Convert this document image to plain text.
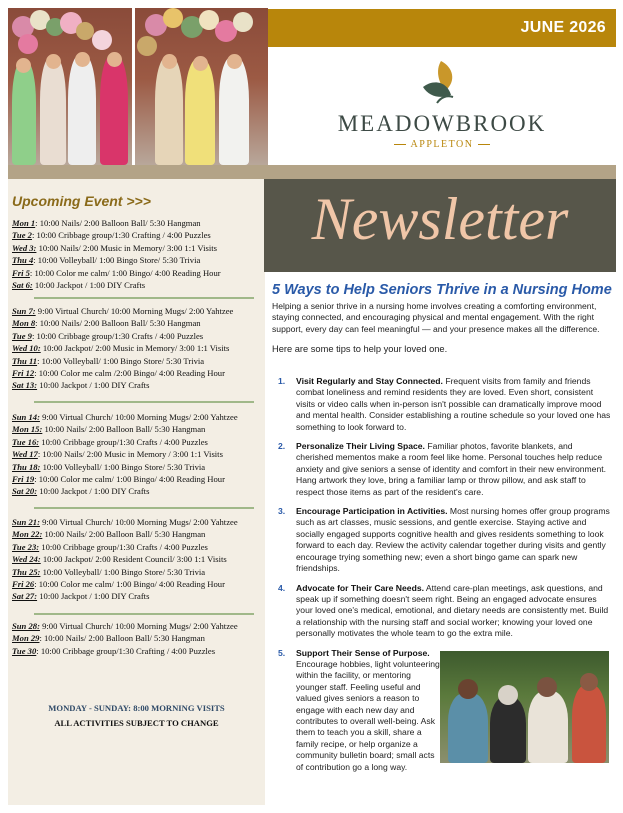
JUNE 2026
MEADOWBROOK
APPLETON
Upcoming Event >>>
Mon 1: 10:00 Nails/ 2:00 Balloon Ball/ 5:30 Hangman
Tue 2: 10:00 Cribbage group/1:30 Crafting / 4:00 Puzzles
Wed 3: 10:00 Nails/ 2:00 Music in Memory/ 3:00 1:1 Visits
Thu 4: 10:00 Volleyball/ 1:00 Bingo Store/ 5:30 Trivia
Fri 5: 10:00 Color me calm/ 1:00 Bingo/ 4:00 Reading Hour
Sat 6: 10:00 Jackpot / 1:00 DIY Crafts
Sun 7: 9:00 Virtual Church/ 10:00 Morning Mugs/ 2:00 Yahtzee
Mon 8: 10:00 Nails/ 2:00 Balloon Ball/ 5:30 Hangman
Tue 9: 10:00 Cribbage group/1:30 Crafts / 4:00 Puzzles
Wed 10: 10:00 Jackpot/ 2:00 Music in Memory/ 3:00 1:1 Visits
Thu 11: 10:00 Volleyball/ 1:00 Bingo Store/ 5:30 Trivia
Fri 12: 10:00 Color me calm /2:00 Bingo/ 4:00 Reading Hour
Sat 13: 10:00 Jackpot / 1:00 DIY Crafts
Sun 14: 9:00 Virtual Church/ 10:00 Morning Mugs/ 2:00 Yahtzee
Mon 15: 10:00 Nails/ 2:00 Balloon Ball/ 5:30 Hangman
Tue 16: 10:00 Cribbage group/1:30 Crafts / 4:00 Puzzles
Wed 17: 10:00 Nails/ 2:00 Music in Memory / 3:00 1:1 Visits
Thu 18: 10:00 Volleyball/ 1:00 Bingo Store/ 5:30 Trivia
Fri 19: 10:00 Color me calm/ 1:00 Bingo/ 4:00 Reading Hour
Sat 20: 10:00 Jackpot / 1:00 DIY Crafts
Sun 21: 9:00 Virtual Church/ 10:00 Morning Mugs/ 2:00 Yahtzee
Mon 22: 10:00 Nails/ 2:00 Balloon Ball/ 5:30 Hangman
Tue 23: 10:00 Cribbage group/1:30 Crafts / 4:00 Puzzles
Wed 24: 10:00 Jackpot/ 2:00 Resident Council/ 3:00 1:1 Visits
Thu 25: 10:00 Volleyball/ 1:00 Bingo Store/ 5:30 Trivia
Fri 26: 10:00 Color me calm/ 1:00 Bingo/ 4:00 Reading Hour
Sat 27: 10:00 Jackpot / 1:00 DIY Crafts
Sun 28: 9:00 Virtual Church/ 10:00 Morning Mugs/ 2:00 Yahtzee
Mon 29: 10:00 Nails/ 2:00 Balloon Ball/ 5:30 Hangman
Tue 30: 10:00 Cribbage group/1:30 Crafting / 4:00 Puzzles
MONDAY - SUNDAY: 8:00 MORNING VISITS
ALL ACTIVITIES SUBJECT TO CHANGE
Newsletter
5 Ways to Help Seniors Thrive in a Nursing Home
Helping a senior thrive in a nursing home involves creating a comforting environment, staying connected, and encouraging physical and mental engagement. With the right support, every day can feel meaningful — and your presence makes all the difference.
Here are some tips to help your loved one.
1. Visit Regularly and Stay Connected. Frequent visits from family and friends combat loneliness and remind residents they are loved. Even short, consistent visits or video calls when in-person isn't possible can dramatically improve mood and mental health. Consider establishing a routine schedule so your loved one has something to look forward to.
2. Personalize Their Living Space. Familiar photos, favorite blankets, and cherished mementos make a room feel like home. Personal touches help reduce anxiety and give seniors a sense of identity and comfort in their new environment. Hang artwork they love, bring a familiar lamp or throw pillow, and ask staff to respect those items as part of the resident's care.
3. Encourage Participation in Activities. Most nursing homes offer group programs such as art classes, music sessions, and gentle exercise. Staying active and socially engaged supports cognitive health and gives residents something to look forward to each day. Review the activity calendar together during visits and gently encourage trying something new; even a short bingo game can spark new friendships.
4. Advocate for Their Care Needs. Attend care-plan meetings, ask questions, and speak up if something doesn't seem right. Being an engaged advocate ensures your loved one's medical, emotional, and dietary needs are consistently met. Build a relationship with the nursing staff and social worker; knowing your loved one personally motivates the whole team to go the extra mile.
5. Support Their Sense of Purpose. Encourage hobbies, light volunteering within the facility, or mentoring younger staff. Feeling useful and valued gives seniors a reason to engage with each new day and contributes to overall well-being. Ask them to teach you a skill, share a family recipe, or help organize a community bulletin board; small acts of contribution go a long way.
